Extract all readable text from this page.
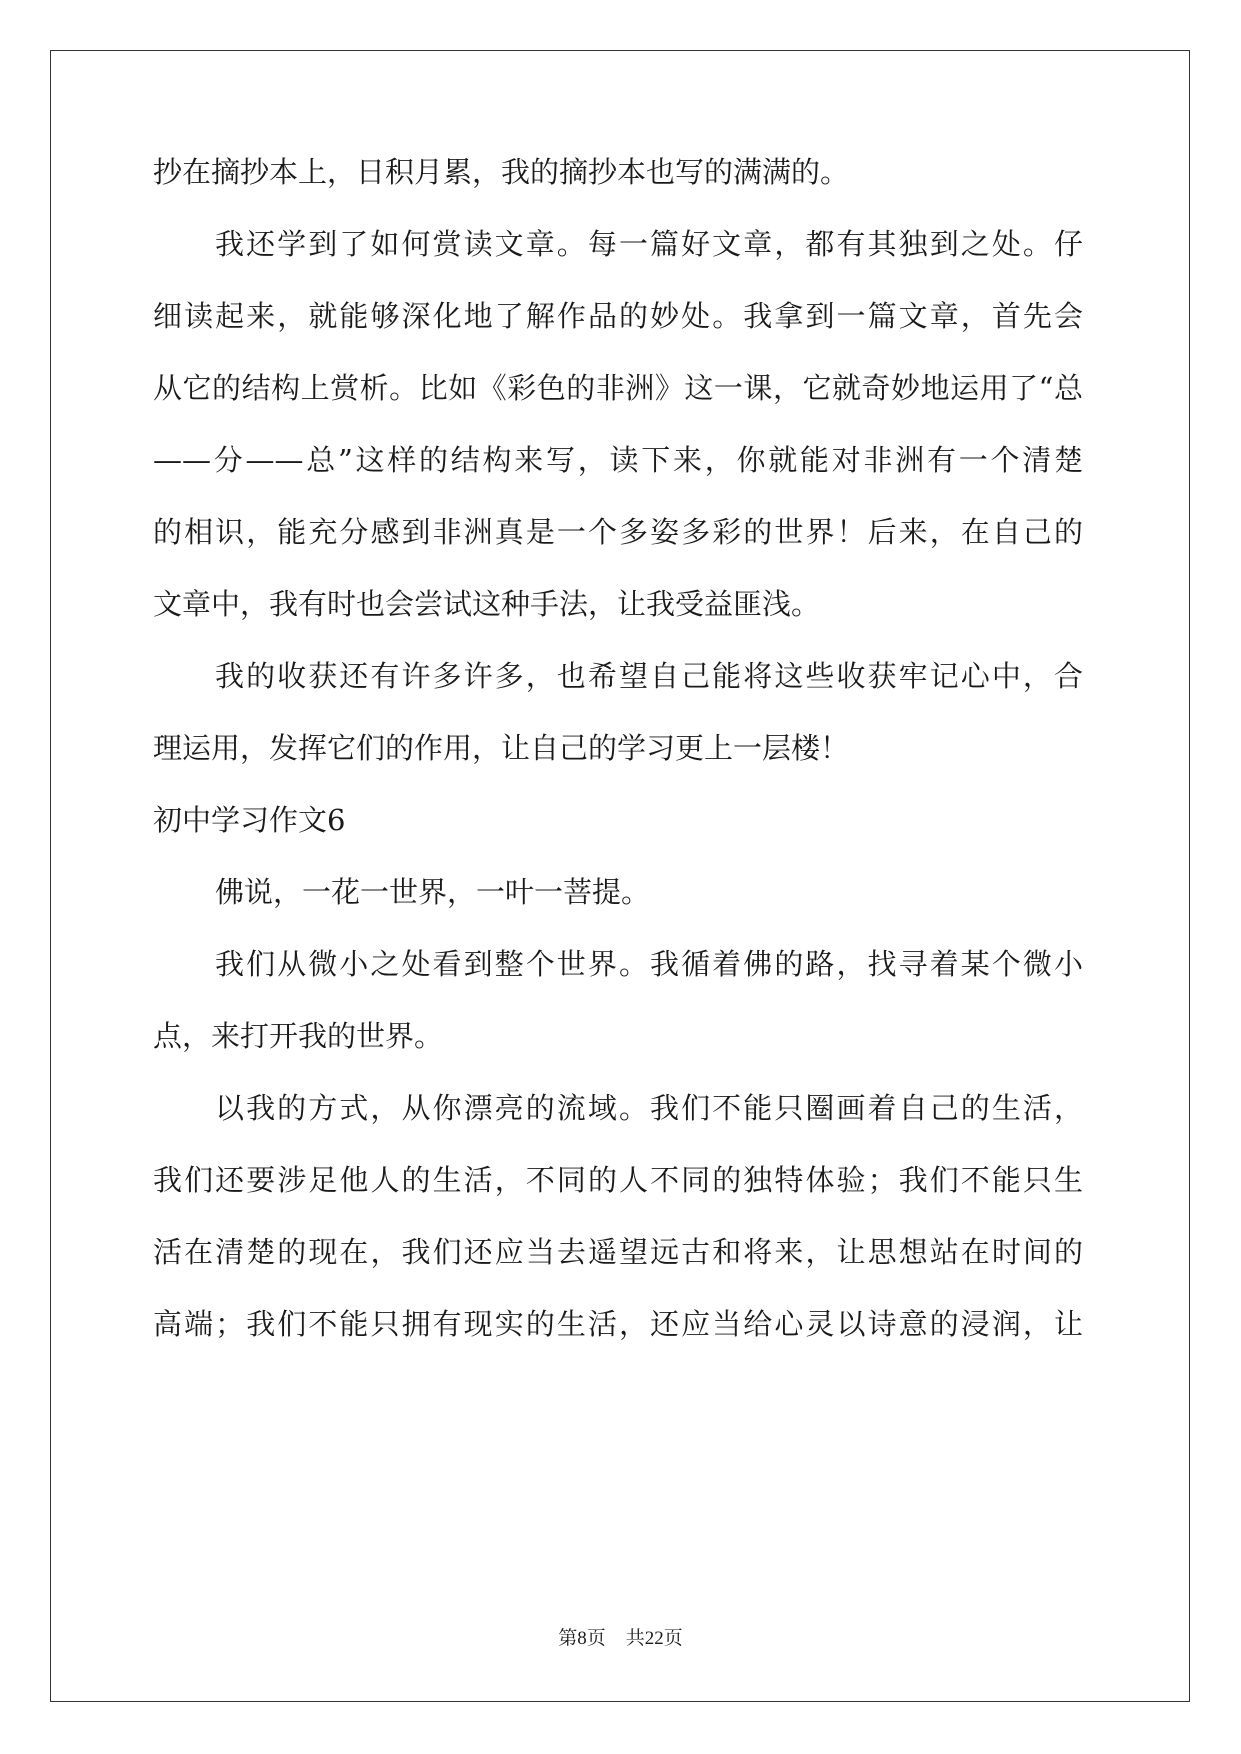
抄在摘抄本上，日积月累，我的摘抄本也写的满满的。
我还学到了如何赏读文章。每一篇好文章，都有其独到之处。仔
细读起来，就能够深化地了解作品的妙处。我拿到一篇文章，首先会
从它的结构上赏析。比如《彩色的非洲》这一课，它就奇妙地运用了“总
——分——总”这样的结构来写，读下来，你就能对非洲有一个清楚
的相识，能充分感到非洲真是一个多姿多彩的世界！后来，在自己的
文章中，我有时也会尝试这种手法，让我受益匪浅。
我的收获还有许多许多，也希望自己能将这些收获牢记心中，合
理运用，发挥它们的作用，让自己的学习更上一层楼！
初中学习作文6
佛说，一花一世界，一叶一菩提。
我们从微小之处看到整个世界。我循着佛的路，找寻着某个微小
点，来打开我的世界。
以我的方式，从你漂亮的流域。我们不能只圈画着自己的生活，
我们还要涉足他人的生活，不同的人不同的独特体验；我们不能只生
活在清楚的现在，我们还应当去遥望远古和将来，让思想站在时间的
高端；我们不能只拥有现实的生活，还应当给心灵以诗意的浸润，让
第8页 共22页
